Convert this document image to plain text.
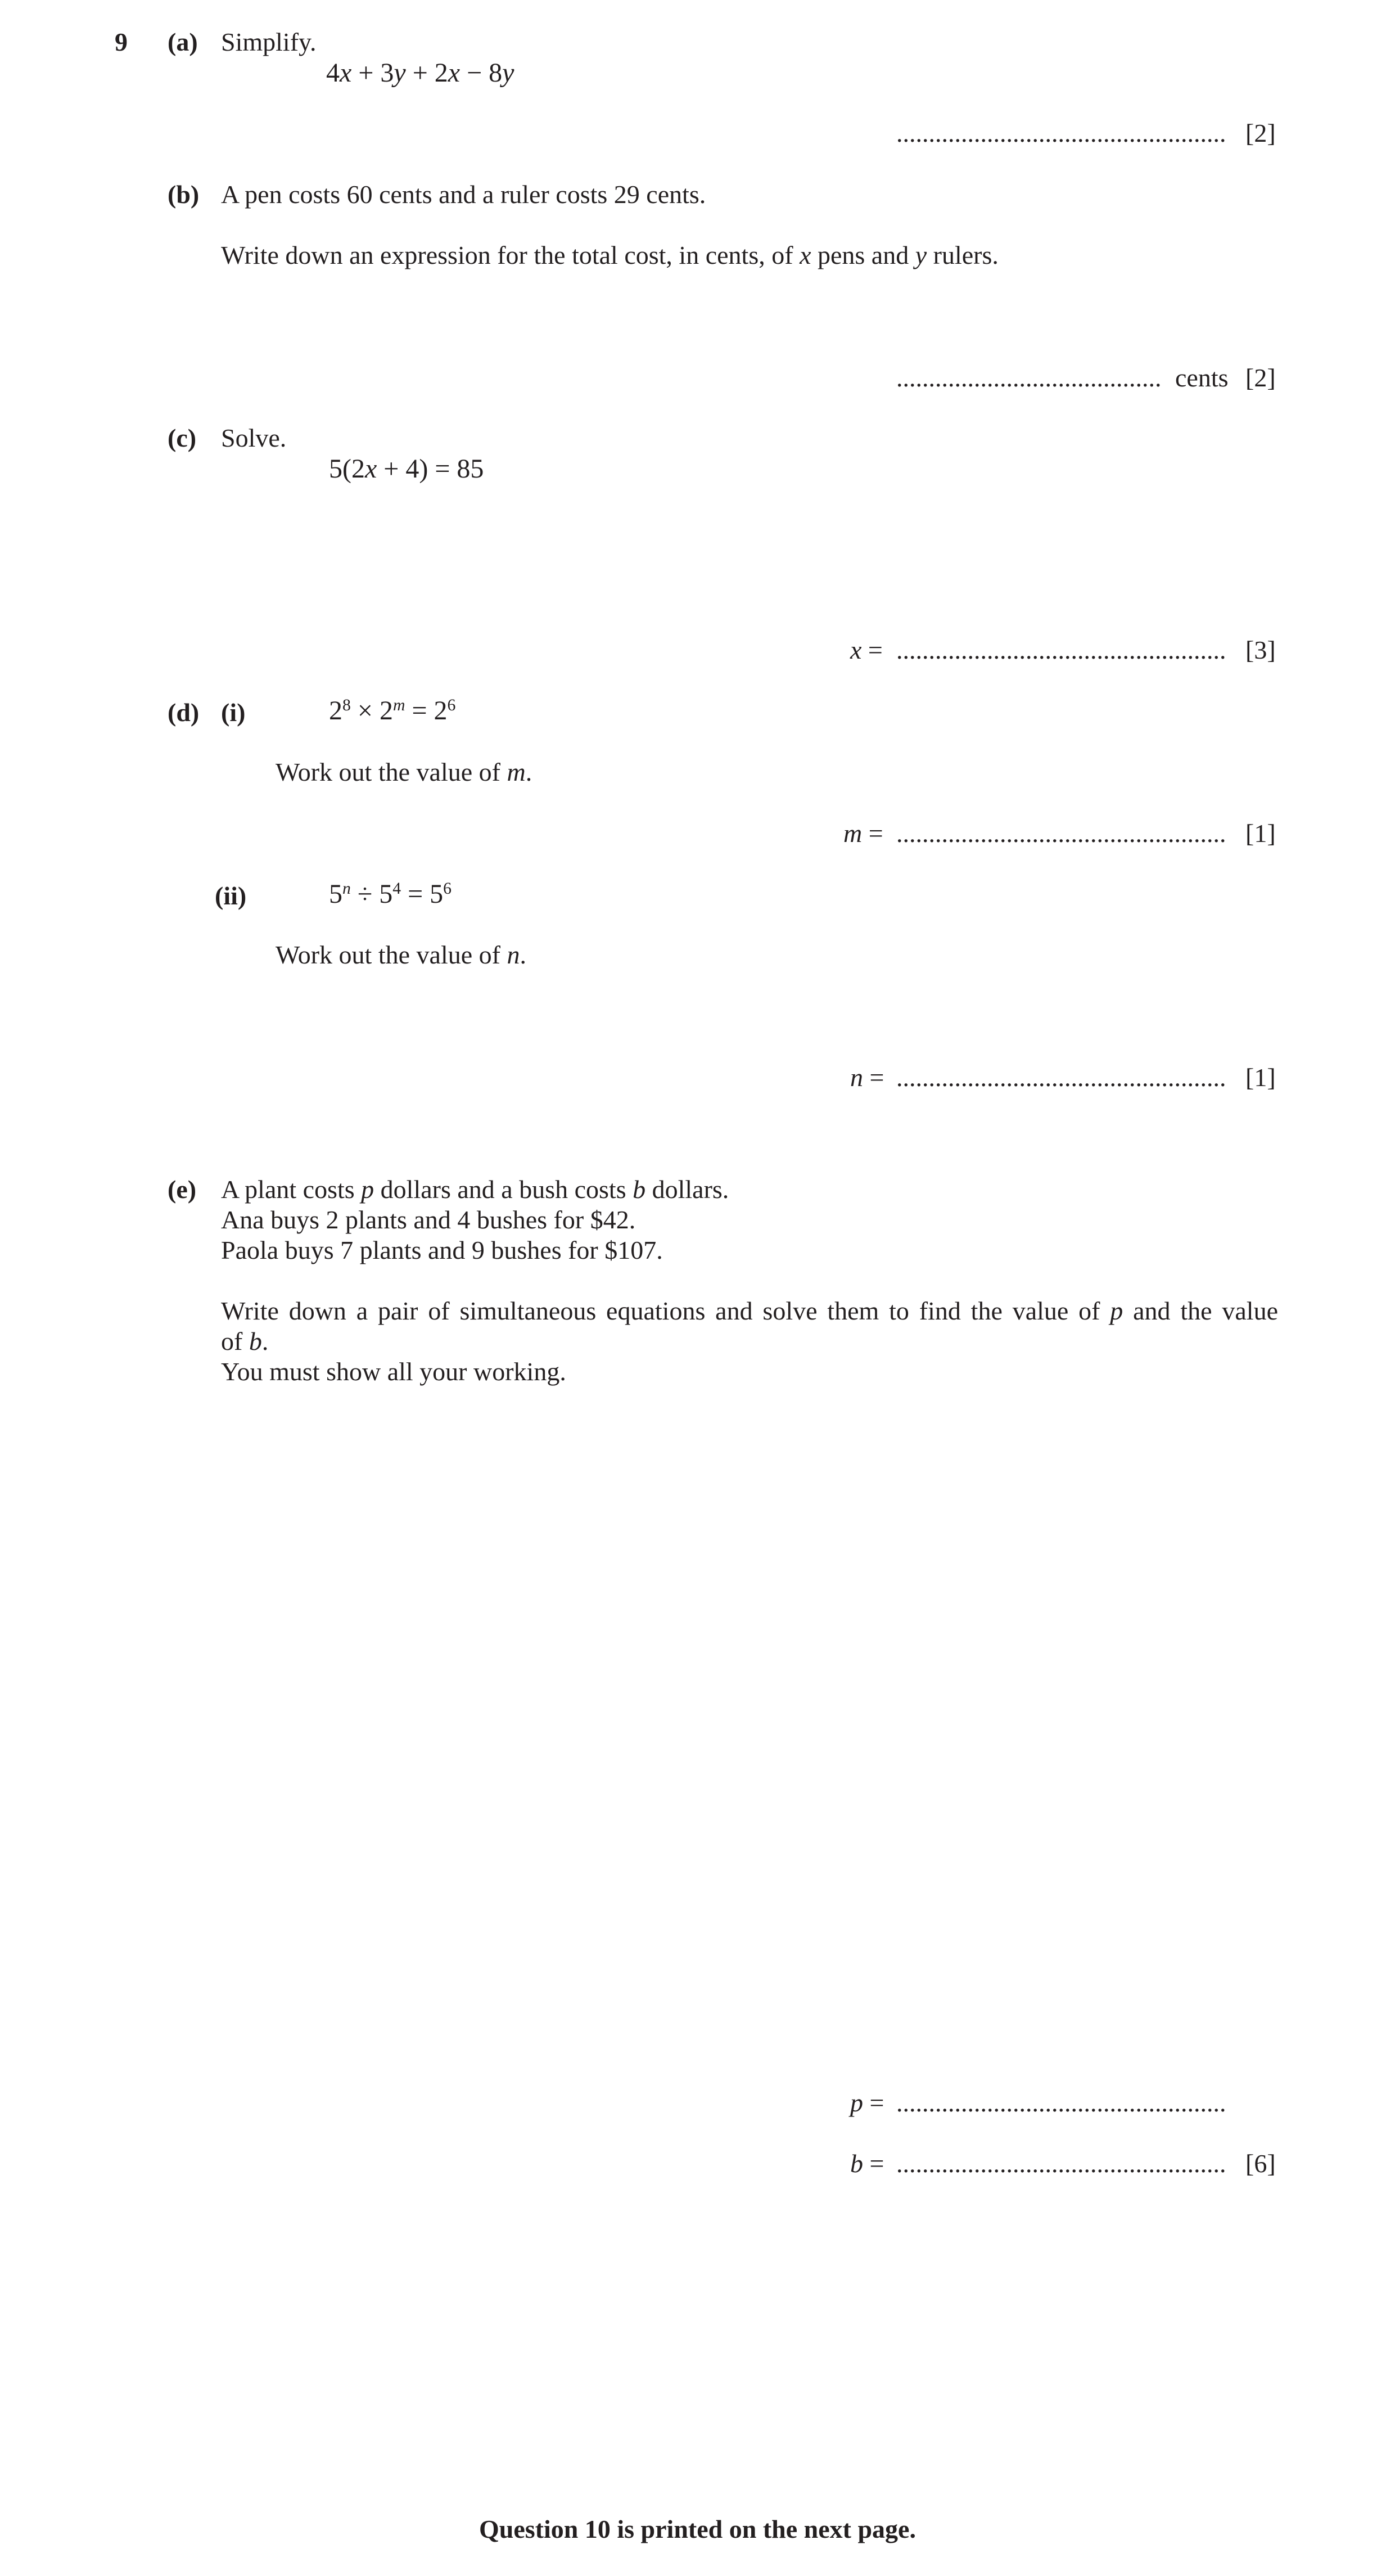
9 (a) Simplify.
4x + 3y + 2x − 8y
................................................... [2]
(b) A pen costs 60 cents and a ruler costs 29 cents.
Write down an expression for the total cost, in cents, of x pens and y rulers.
......................................... cents [2]
(c) Solve.
5(2x + 4) = 85
x = ................................................... [3]
(d) (i)	$2^8 \times 2^m = 2^6$
Work out the value of m.
m = ................................................... [1]
(ii)	$5^n \div 5^4 = 5^6$
Work out the value of n.
n = ................................................... [1]
(e) A plant costs p dollars and a bush costs b dollars.
Ana buys 2 plants and 4 bushes for $42.
Paola buys 7 plants and 9 bushes for $107.
Write down a pair of simultaneous equations and solve them to find the value of p and the value
of b.
You must show all your working.
p = ...................................................
b = ................................................... [6]
Question 10 is printed on the next page.
